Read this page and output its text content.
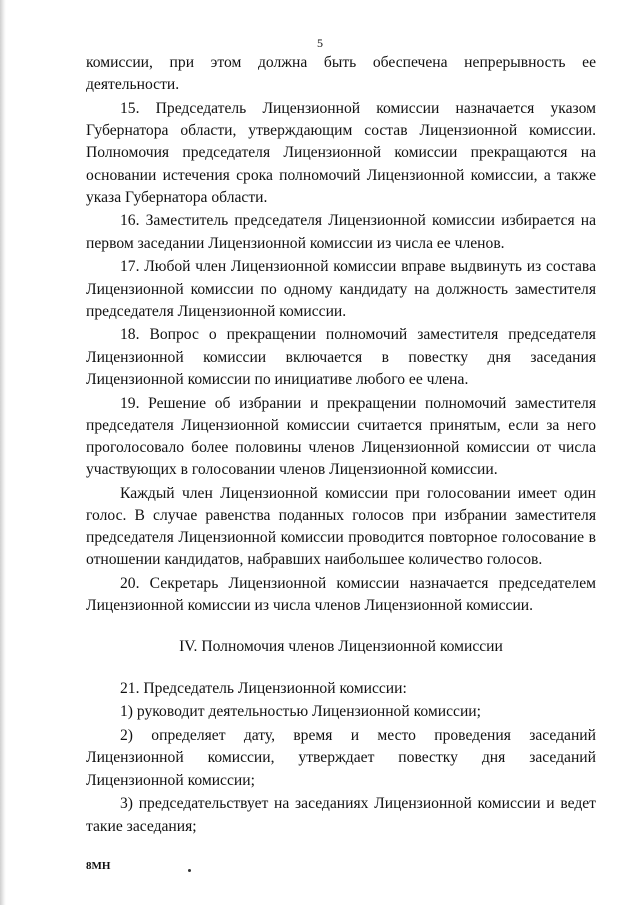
5

комиссии, при этом должна быть обеспечена непрерывность ее деятельности.

15. Председатель Лицензионной комиссии назначается указом Губернатора области, утверждающим состав Лицензионной комиссии. Полномочия председателя Лицензионной комиссии прекращаются на основании истечения срока полномочий Лицензионной комиссии, а также указа Губернатора области.

16. Заместитель председателя Лицензионной комиссии избирается на первом заседании Лицензионной комиссии из числа ее членов.

17. Любой член Лицензионной комиссии вправе выдвинуть из состава Лицензионной комиссии по одному кандидату на должность заместителя председателя Лицензионной комиссии.

18. Вопрос о прекращении полномочий заместителя председателя Лицензионной комиссии включается в повестку дня заседания Лицензионной комиссии по инициативе любого ее члена.

19. Решение об избрании и прекращении полномочий заместителя председателя Лицензионной комиссии считается принятым, если за него проголосовало более половины членов Лицензионной комиссии от числа участвующих в голосовании членов Лицензионной комиссии.

Каждый член Лицензионной комиссии при голосовании имеет один голос. В случае равенства поданных голосов при избрании заместителя председателя Лицензионной комиссии проводится повторное голосование в отношении кандидатов, набравших наибольшее количество голосов.

20. Секретарь Лицензионной комиссии назначается председателем Лицензионной комиссии из числа членов Лицензионной комиссии.

IV. Полномочия членов Лицензионной комиссии

21. Председатель Лицензионной комиссии:

1) руководит деятельностью Лицензионной комиссии;

2) определяет дату, время и место проведения заседаний Лицензионной комиссии, утверждает повестку дня заседаний Лицензионной комиссии;

3) председательствует на заседаниях Лицензионной комиссии и ведет такие заседания;

8МН
